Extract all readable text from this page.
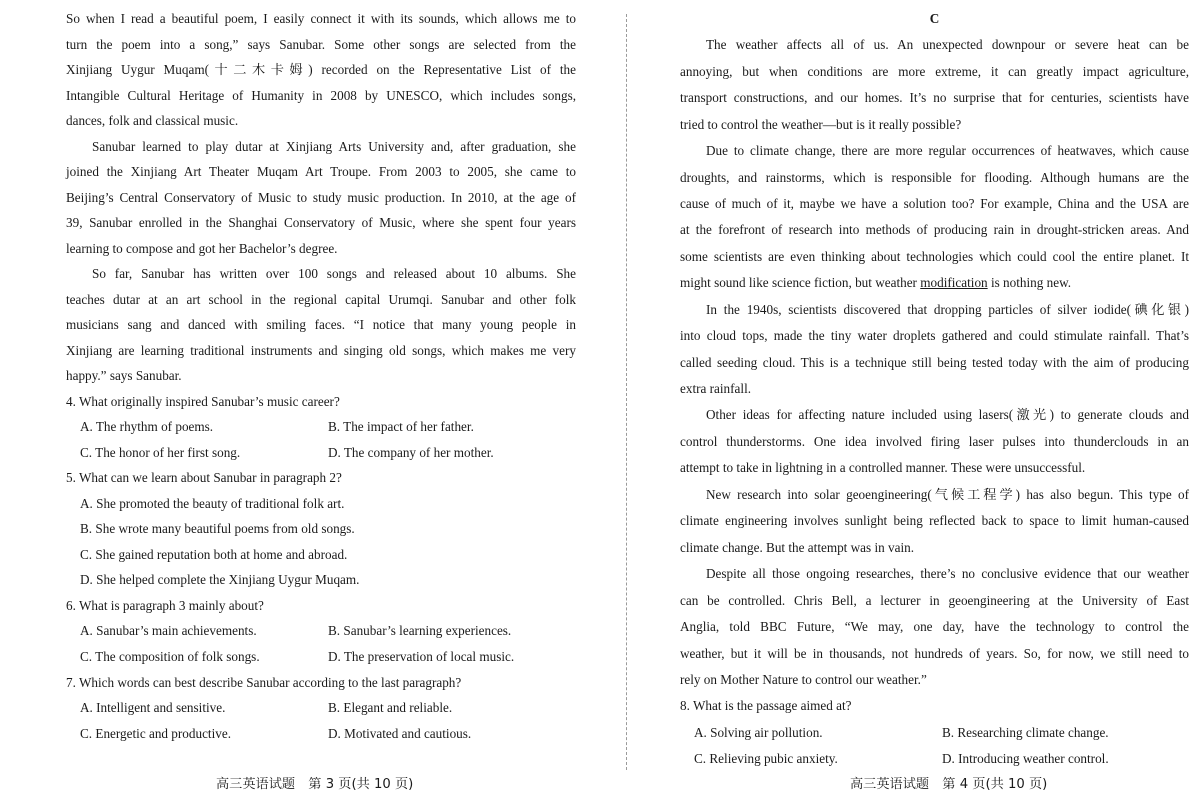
So when I read a beautiful poem, I easily connect it with its sounds, which allows me to
turn the poem into a song,” says Sanubar. Some other songs are selected from the
Xinjiang Uygur Muqam(十二木卡姆) recorded on the Representative List of the
Intangible Cultural Heritage of Humanity in 2008 by UNESCO, which includes songs,
dances, folk and classical music.
Sanubar learned to play dutar at Xinjiang Arts University and, after graduation, she
joined the Xinjiang Art Theater Muqam Art Troupe. From 2003 to 2005, she came to
Beijing’s Central Conservatory of Music to study music production. In 2010, at the age of
39, Sanubar enrolled in the Shanghai Conservatory of Music, where she spent four years
learning to compose and got her Bachelor’s degree.
So far, Sanubar has written over 100 songs and released about 10 albums. She
teaches dutar at an art school in the regional capital Urumqi. Sanubar and other folk
musicians sang and danced with smiling faces. “I notice that many young people in
Xinjiang are learning traditional instruments and singing old songs, which makes me very
happy.” says Sanubar.
4. What originally inspired Sanubar’s music career?
A. The rhythm of poems.	B. The impact of her father.
C. The honor of her first song.	D. The company of her mother.
5. What can we learn about Sanubar in paragraph 2?
A. She promoted the beauty of traditional folk art.
B. She wrote many beautiful poems from old songs.
C. She gained reputation both at home and abroad.
D. She helped complete the Xinjiang Uygur Muqam.
6. What is paragraph 3 mainly about?
A. Sanubar’s main achievements.	B. Sanubar’s learning experiences.
C. The composition of folk songs.	D. The preservation of local music.
7. Which words can best describe Sanubar according to the last paragraph?
A. Intelligent and sensitive.	B. Elegant and reliable.
C. Energetic and productive.	D. Motivated and cautious.
高三英语试题　第 3 页(共 10 页)
C
The weather affects all of us. An unexpected downpour or severe heat can be
annoying, but when conditions are more extreme, it can greatly impact agriculture,
transport constructions, and our homes. It’s no surprise that for centuries, scientists have
tried to control the weather—but is it really possible?
Due to climate change, there are more regular occurrences of heatwaves, which cause
droughts, and rainstorms, which is responsible for flooding. Although humans are the
cause of much of it, maybe we have a solution too? For example, China and the USA are
at the forefront of research into methods of producing rain in drought-stricken areas. And
some scientists are even thinking about technologies which could cool the entire planet. It
might sound like science fiction, but weather modification is nothing new.
In the 1940s, scientists discovered that dropping particles of silver iodide(碘化银)
into cloud tops, made the tiny water droplets gathered and could stimulate rainfall. That’s
called seeding cloud. This is a technique still being tested today with the aim of producing
extra rainfall.
Other ideas for affecting nature included using lasers(激光) to generate clouds and
control thunderstorms. One idea involved firing laser pulses into thunderclouds in an
attempt to take in lightning in a controlled manner. These were unsuccessful.
New research into solar geoengineering(气候工程学) has also begun. This type of
climate engineering involves sunlight being reflected back to space to limit human-caused
climate change. But the attempt was in vain.
Despite all those ongoing researches, there’s no conclusive evidence that our weather
can be controlled. Chris Bell, a lecturer in geoengineering at the University of East
Anglia, told BBC Future, “We may, one day, have the technology to control the
weather, but it will be in thousands, not hundreds of years. So, for now, we still need to
rely on Mother Nature to control our weather.”
8. What is the passage aimed at?
A. Solving air pollution.	B. Researching climate change.
C. Relieving pubic anxiety.	D. Introducing weather control.
高三英语试题　第 4 页(共 10 页)
